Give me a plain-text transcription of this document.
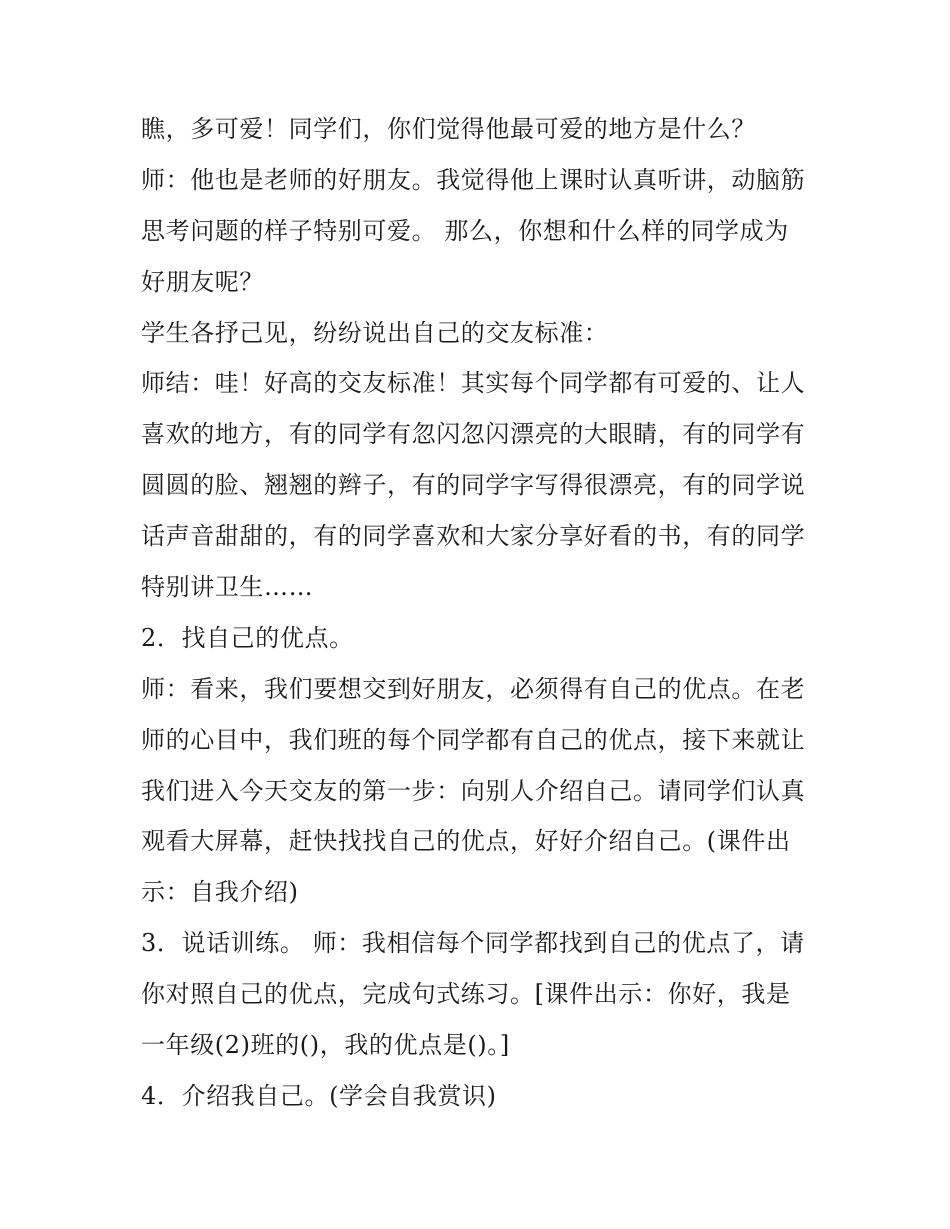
瞧，多可爱！同学们，你们觉得他最可爱的地方是什么？
师：他也是老师的好朋友。我觉得他上课时认真听讲，动脑筋
思考问题的样子特别可爱。 那么，你想和什么样的同学成为
好朋友呢？
学生各抒己见，纷纷说出自己的交友标准：
师结：哇！好高的交友标准！其实每个同学都有可爱的、让人
喜欢的地方，有的同学有忽闪忽闪漂亮的大眼睛，有的同学有
圆圆的脸、翘翘的辫子，有的同学字写得很漂亮，有的同学说
话声音甜甜的，有的同学喜欢和大家分享好看的书，有的同学
特别讲卫生……
2．找自己的优点。
师：看来，我们要想交到好朋友，必须得有自己的优点。在老
师的心目中，我们班的每个同学都有自己的优点，接下来就让
我们进入今天交友的第一步：向别人介绍自己。请同学们认真
观看大屏幕，赶快找找自己的优点，好好介绍自己。(课件出
示：自我介绍)
3．说话训练。 师：我相信每个同学都找到自己的优点了，请
你对照自己的优点，完成句式练习。[课件出示：你好，我是
一年级(2)班的()，我的优点是()。]
4．介绍我自己。(学会自我赏识)
